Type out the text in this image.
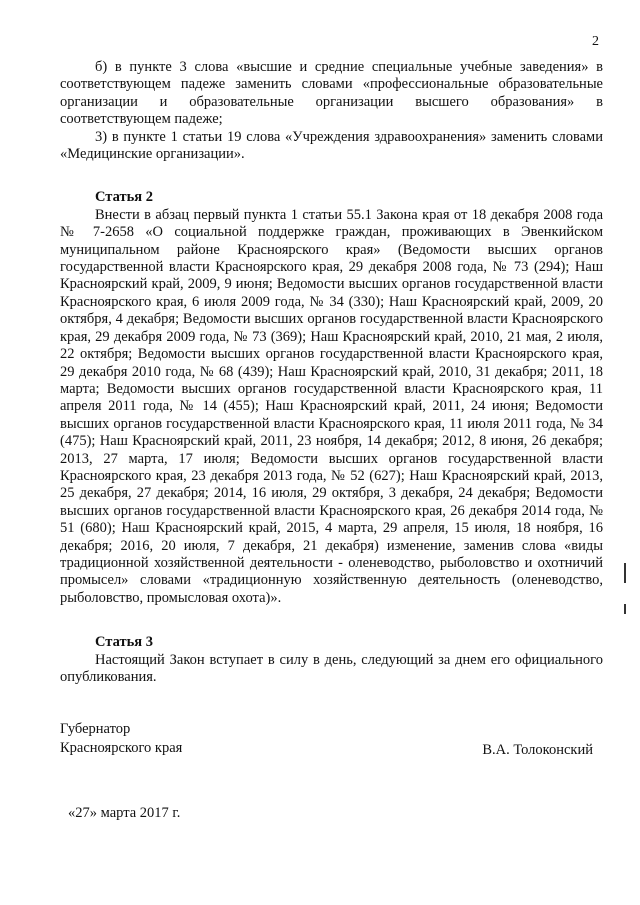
2

б) в пункте 3 слова «высшие и средние специальные учебные заведения» в соответствующем падеже заменить словами «профессиональные образовательные организации и образовательные организации высшего образования» в соответствующем падеже;

3) в пункте 1 статьи 19 слова «Учреждения здравоохранения» заменить словами «Медицинские организации».

Статья 2

Внести в абзац первый пункта 1 статьи 55.1 Закона края от 18 декабря 2008 года № 7-2658 «О социальной поддержке граждан, проживающих в Эвенкийском муниципальном районе Красноярского края» (Ведомости высших органов государственной власти Красноярского края, 29 декабря 2008 года, № 73 (294); Наш Красноярский край, 2009, 9 июня; Ведомости высших органов государственной власти Красноярского края, 6 июля 2009 года, № 34 (330); Наш Красноярский край, 2009, 20 октября, 4 декабря; Ведомости высших органов государственной власти Красноярского края, 29 декабря 2009 года, № 73 (369); Наш Красноярский край, 2010, 21 мая, 2 июля, 22 октября; Ведомости высших органов государственной власти Красноярского края, 29 декабря 2010 года, № 68 (439); Наш Красноярский край, 2010, 31 декабря; 2011, 18 марта; Ведомости высших органов государственной власти Красноярского края, 11 апреля 2011 года, № 14 (455); Наш Красноярский край, 2011, 24 июня; Ведомости высших органов государственной власти Красноярского края, 11 июля 2011 года, № 34 (475); Наш Красноярский край, 2011, 23 ноября, 14 декабря; 2012, 8 июня, 26 декабря; 2013, 27 марта, 17 июля; Ведомости высших органов государственной власти Красноярского края, 23 декабря 2013 года, № 52 (627); Наш Красноярский край, 2013, 25 декабря, 27 декабря; 2014, 16 июля, 29 октября, 3 декабря, 24 декабря; Ведомости высших органов государственной власти Красноярского края, 26 декабря 2014 года, № 51 (680); Наш Красноярский край, 2015, 4 марта, 29 апреля, 15 июля, 18 ноября, 16 декабря; 2016, 20 июля, 7 декабря, 21 декабря) изменение, заменив слова «виды традиционной хозяйственной деятельности - оленеводство, рыболовство и охотничий промысел» словами «традиционную хозяйственную деятельность (оленеводство, рыболовство, промысловая охота)».

Статья 3

Настоящий Закон вступает в силу в день, следующий за днем его официального опубликования.

Губернатор
Красноярского края	В.А. Толоконский
«27» марта 2017 г.
